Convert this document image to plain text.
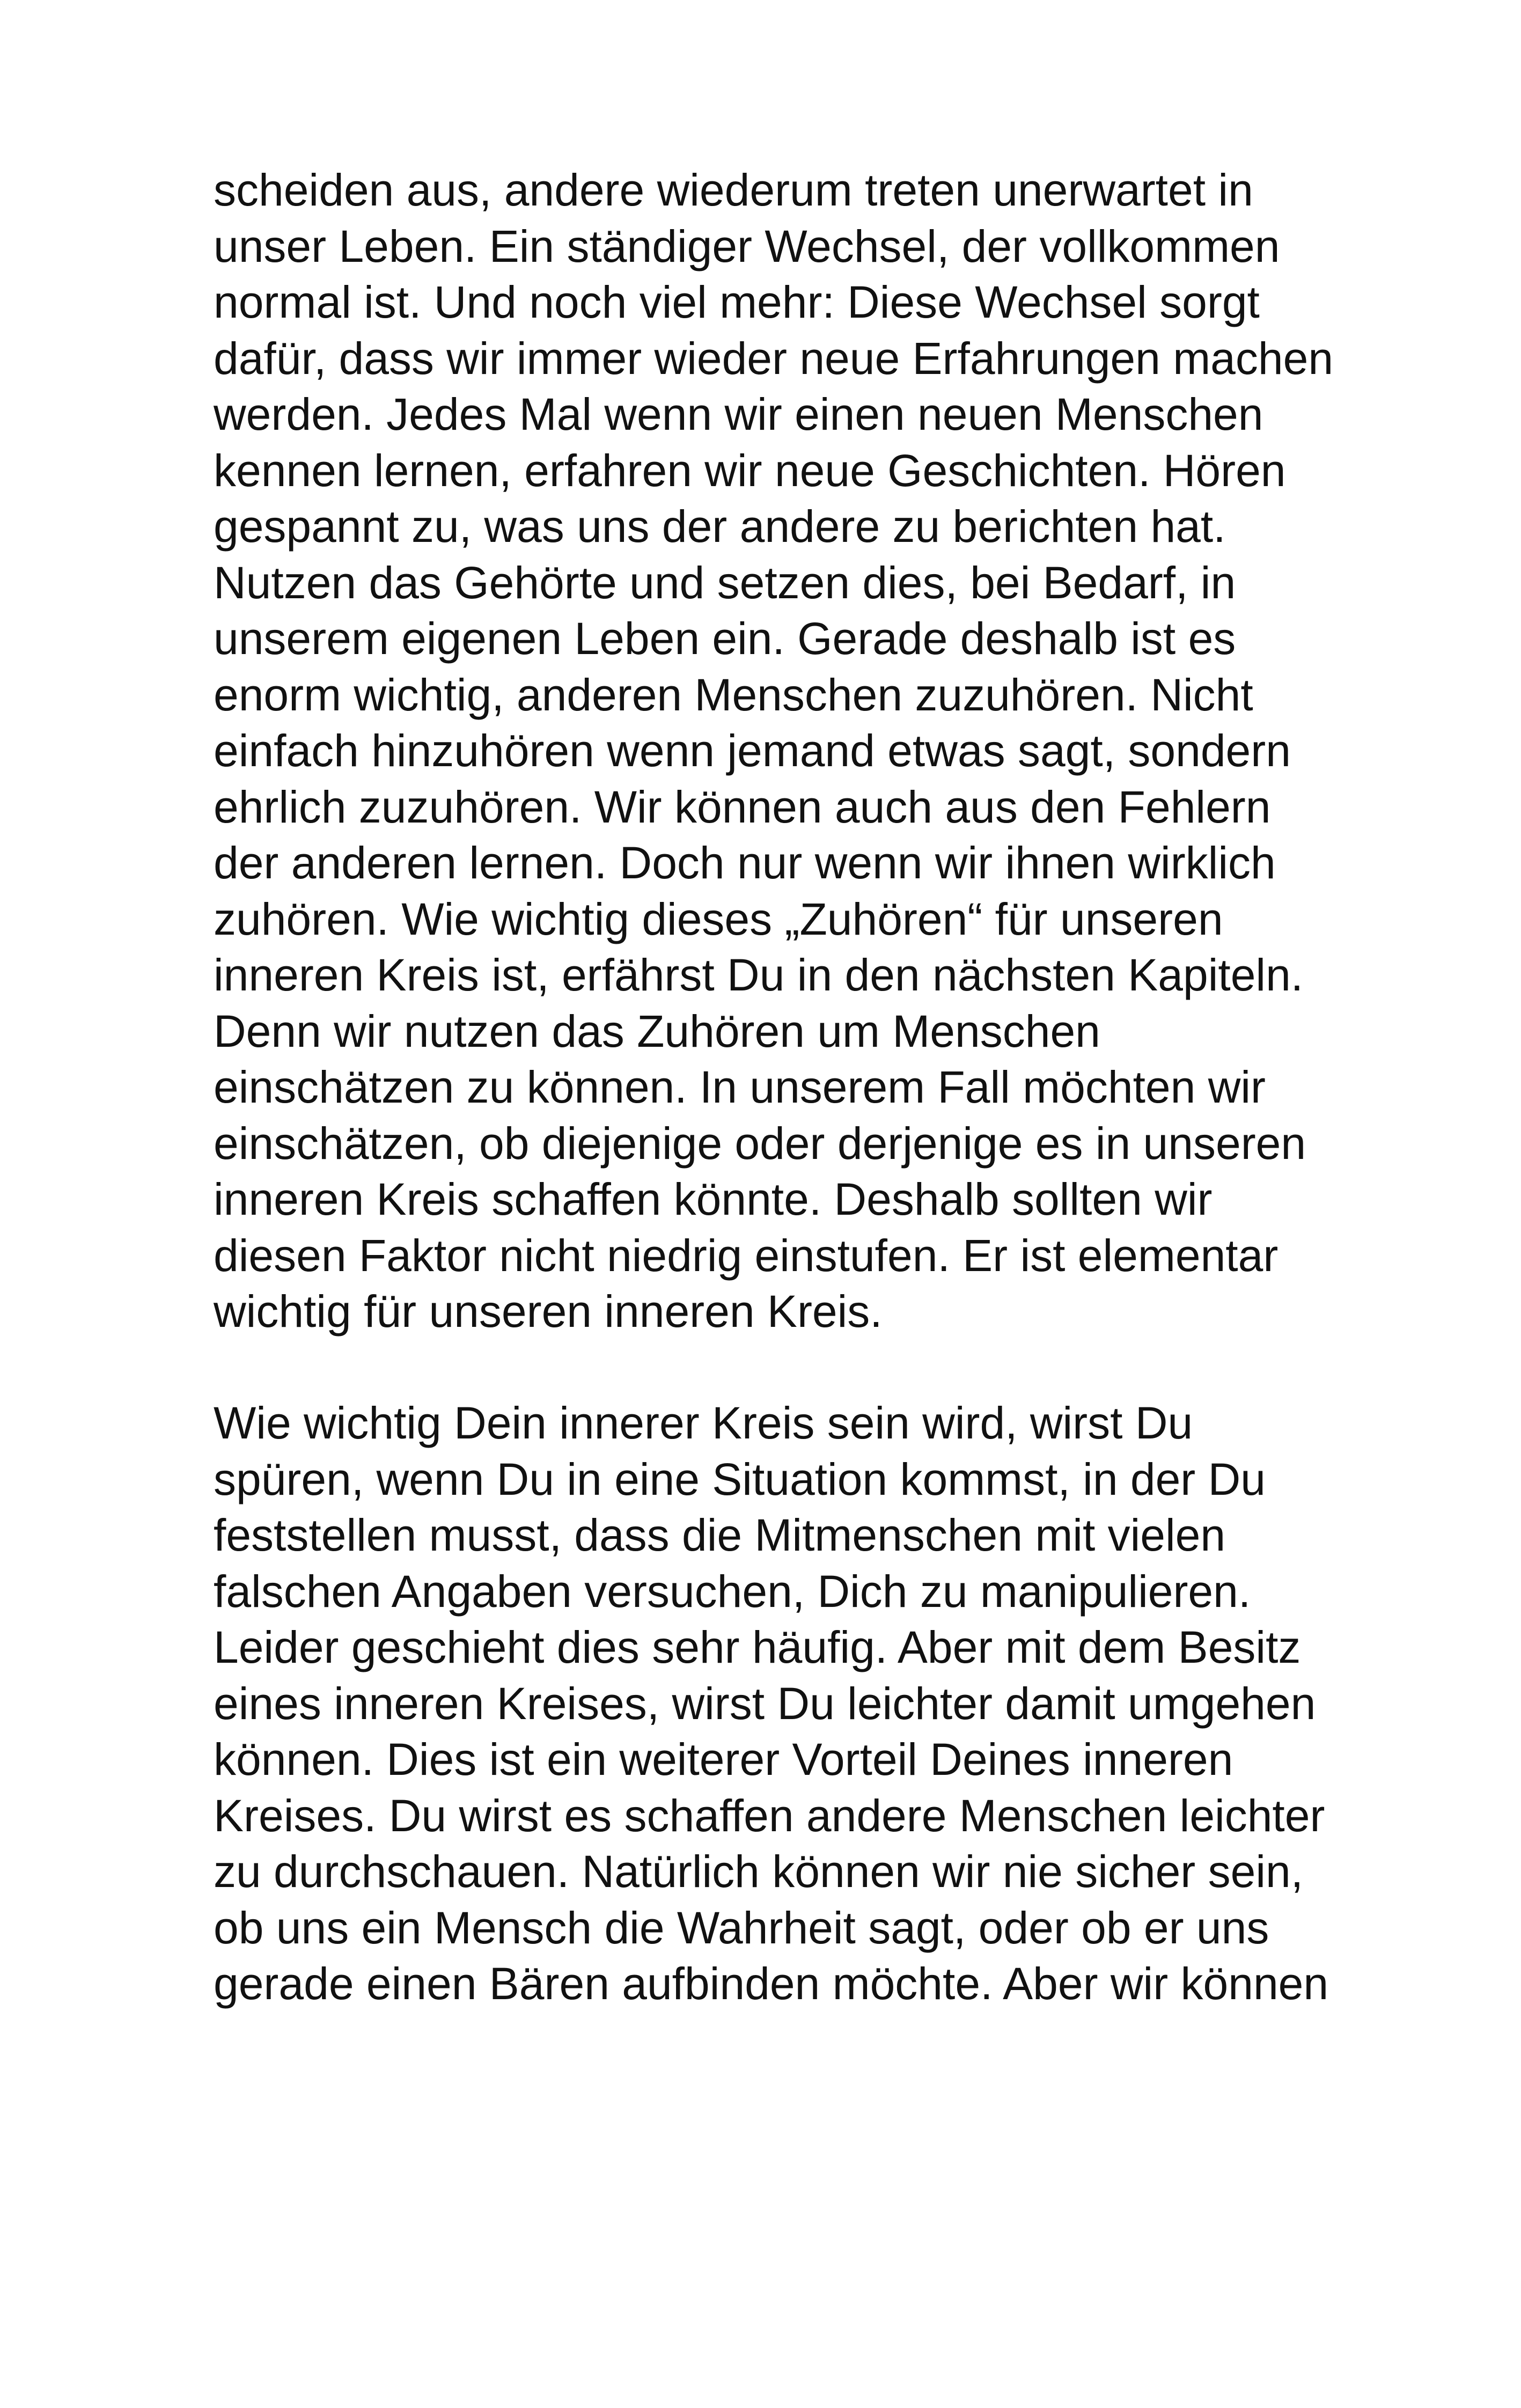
scheiden aus, andere wiederum treten unerwartet in
unser Leben. Ein ständiger Wechsel, der vollkommen
normal ist. Und noch viel mehr: Diese Wechsel sorgt
dafür, dass wir immer wieder neue Erfahrungen machen
werden. Jedes Mal wenn wir einen neuen Menschen
kennen lernen, erfahren wir neue Geschichten. Hören
gespannt zu, was uns der andere zu berichten hat.
Nutzen das Gehörte und setzen dies, bei Bedarf, in
unserem eigenen Leben ein. Gerade deshalb ist es
enorm wichtig, anderen Menschen zuzuhören. Nicht
einfach hinzuhören wenn jemand etwas sagt, sondern
ehrlich zuzuhören. Wir können auch aus den Fehlern
der anderen lernen. Doch nur wenn wir ihnen wirklich
zuhören. Wie wichtig dieses „Zuhören“ für unseren
inneren Kreis ist, erfährst Du in den nächsten Kapiteln.
Denn wir nutzen das Zuhören um Menschen
einschätzen zu können. In unserem Fall möchten wir
einschätzen, ob diejenige oder derjenige es in unseren
inneren Kreis schaffen könnte. Deshalb sollten wir
diesen Faktor nicht niedrig einstufen. Er ist elementar
wichtig für unseren inneren Kreis.
Wie wichtig Dein innerer Kreis sein wird, wirst Du
spüren, wenn Du in eine Situation kommst, in der Du
feststellen musst, dass die Mitmenschen mit vielen
falschen Angaben versuchen, Dich zu manipulieren.
Leider geschieht dies sehr häufig. Aber mit dem Besitz
eines inneren Kreises, wirst Du leichter damit umgehen
können. Dies ist ein weiterer Vorteil Deines inneren
Kreises. Du wirst es schaffen andere Menschen leichter
zu durchschauen. Natürlich können wir nie sicher sein,
ob uns ein Mensch die Wahrheit sagt, oder ob er uns
gerade einen Bären aufbinden möchte. Aber wir können
